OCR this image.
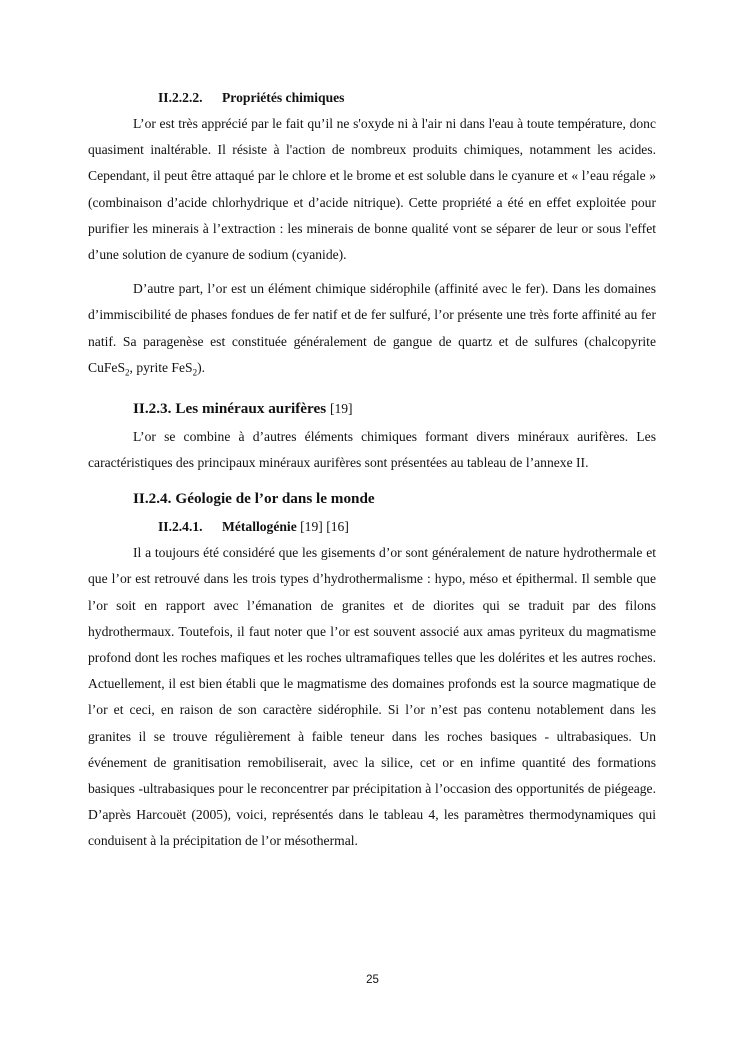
II.2.2.2. Propriétés chimiques

L’or est très apprécié par le fait qu’il ne s'oxyde ni à l'air ni dans l'eau à toute température, donc quasiment inaltérable. Il résiste à l'action de nombreux produits chimiques, notamment les acides. Cependant, il peut être attaqué par le chlore et le brome et est soluble dans le cyanure et « l’eau régale » (combinaison d’acide chlorhydrique et d’acide nitrique). Cette propriété a été en effet exploitée pour purifier les minerais à l’extraction : les minerais de bonne qualité vont se séparer de leur or sous l'effet d’une solution de cyanure de sodium (cyanide).

D’autre part, l’or est un élément chimique sidérophile (affinité avec le fer). Dans les domaines d’immiscibilité de phases fondues de fer natif et de fer sulfuré, l’or présente une très forte affinité au fer natif. Sa paragenèse est constituée généralement de gangue de quartz et de sulfures (chalcopyrite CuFeS$_2$, pyrite FeS$_2$).

II.2.3. Les minéraux aurifères [19]

L’or se combine à d’autres éléments chimiques formant divers minéraux aurifères. Les caractéristiques des principaux minéraux aurifères sont présentées au tableau de l’annexe II.

II.2.4. Géologie de l’or dans le monde
II.2.4.1. Métallogénie [19] [16]

Il a toujours été considéré que les gisements d’or sont généralement de nature hydrothermale et que l’or est retrouvé dans les trois types d’hydrothermalisme : hypo, méso et épithermal. Il semble que l’or soit en rapport avec l’émanation de granites et de diorites qui se traduit par des filons hydrothermaux. Toutefois, il faut noter que l’or est souvent associé aux amas pyriteux du magmatisme profond dont les roches mafiques et les roches ultramafiques telles que les dolérites et les autres roches. Actuellement, il est bien établi que le magmatisme des domaines profonds est la source magmatique de l’or et ceci, en raison de son caractère sidérophile. Si l’or n’est pas contenu notablement dans les granites il se trouve régulièrement à faible teneur dans les roches basiques - ultrabasiques. Un événement de granitisation remobiliserait, avec la silice, cet or en infime quantité des formations basiques -ultrabasiques pour le reconcentrer par précipitation à l’occasion des opportunités de piégeage. D’après Harcouët (2005), voici, représentés dans le tableau 4, les paramètres thermodynamiques qui conduisent à la précipitation de l’or mésothermal.

25
